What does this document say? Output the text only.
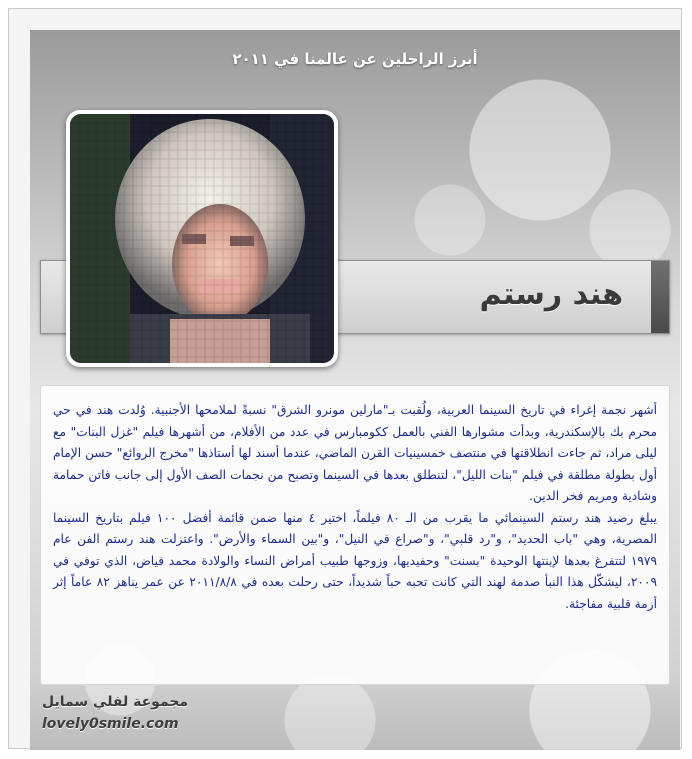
أبرز الراحلين عن عالمنا في ٢٠١١
هند رستم

أشهر نجمة إغراء في تاريخ السينما العربية، ولُقبت بـ"مارلين مونرو الشرق" نسبةً لملامحها الأجنبية. وُلدت هند في حي محرم بك بالإسكندرية، وبدأت مشوارها الفني بالعمل ككومبارس في عدد من الأفلام، من أشهرها فيلم "غزل البنات" مع ليلى مراد، ثم جاءت انطلاقتها في منتصف خمسينيات القرن الماضي، عندما أسند لها أستاذها "مخرج الروائع" حسن الإمام أول بطولة مطلقة في فيلم "بنات الليل"، لتنطلق بعدها في السينما وتصبح من نجمات الصف الأول إلى جانب فاتن حمامة وشادية ومريم فخر الدين.

يبلغ رصيد هند رستم السينمائي ما يقرب من الـ ٨٠ فيلماً، اختير ٤ منها ضمن قائمة أفضل ١٠٠ فيلم بتاريخ السينما المصرية، وهي "باب الحديد"، و"رد قلبي"، و"صراع في النيل"، و"بين السماء والأرض". واعتزلت هند رستم الفن عام ١٩٧٩ لتتفرغ بعدها لإبنتها الوحيدة "بسنت" وحفيديها، وزوجها طبيب أمراض النساء والولادة محمد فياض، الذي توفي في ٢٠٠٩، ليشكّل هذا النبأ صدمة لهند التي كانت تحبه حباً شديداً، حتى رحلت بعده في ٢٠١١/٨/٨ عن عمر يناهز ٨٢ عاماً إثر أزمة قلبية مفاجئة.

مجموعة لفلي سمايل
lovely0smile.com
